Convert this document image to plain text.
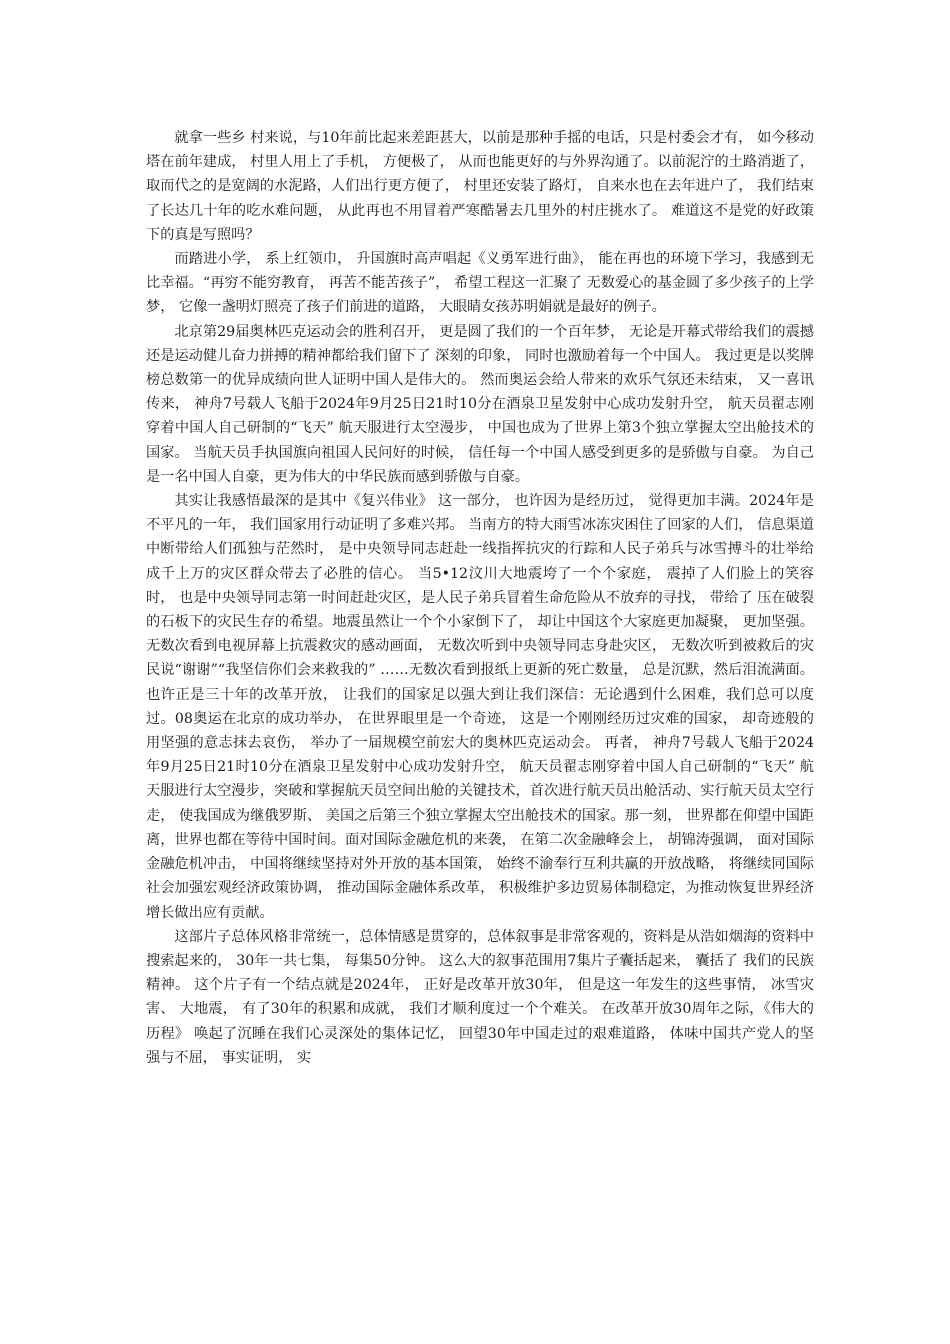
就拿一些乡 村来说，与10年前比起来差距甚大，以前是那种手摇的电话，只是村委会才有， 如今移动塔在前年建成， 村里人用上了手机， 方便极了， 从而也能更好的与外界沟通了。以前泥泞的土路消逝了， 取而代之的是宽阔的水泥路，人们出行更方便了， 村里还安装了路灯， 自来水也在去年进户了， 我们结束了长达几十年的吃水难问题， 从此再也不用冒着严寒酷暑去几里外的村庄挑水了。 难道这不是党的好政策下的真是写照吗？

而踏进小学， 系上红领巾， 升国旗时高声唱起《义勇军进行曲》， 能在再也的环境下学习，我感到无比幸福。“再穷不能穷教育， 再苦不能苦孩子”， 希望工程这一汇聚了 无数爱心的基金圆了多少孩子的上学梦， 它像一盏明灯照亮了孩子们前进的道路， 大眼睛女孩苏明娟就是最好的例子。

北京第29届奥林匹克运动会的胜利召开， 更是圆了我们的一个百年梦， 无论是开幕式带给我们的震撼还是运动健儿奋力拼搏的精神都给我们留下了 深刻的印象， 同时也激励着每一个中国人。 我过更是以奖牌榜总数第一的优异成绩向世人证明中国人是伟大的。 然而奥运会给人带来的欢乐气氛还未结束， 又一喜讯传来， 神舟7号载人飞船于2024年9月25日21时10分在酒泉卫星发射中心成功发射升空， 航天员翟志刚穿着中国人自己研制的“飞天” 航天服进行太空漫步， 中国也成为了世界上第3个独立掌握太空出舱技术的国家。 当航天员手执国旗向祖国人民问好的时候， 信任每一个中国人感受到更多的是骄傲与自豪。 为自己是一名中国人自豪，更为伟大的中华民族而感到骄傲与自豪。

其实让我感悟最深的是其中《复兴伟业》 这一部分， 也许因为是经历过， 觉得更加丰满。2024年是不平凡的一年， 我们国家用行动证明了多难兴邦。 当南方的特大雨雪冰冻灾困住了回家的人们， 信息渠道中断带给人们孤独与茫然时， 是中央领导同志赶赴一线指挥抗灾的行踪和人民子弟兵与冰雪搏斗的壮举给成千上万的灾区群众带去了必胜的信心。 当5•12汶川大地震垮了一个个家庭， 震掉了人们脸上的笑容时， 也是中央领导同志第一时间赶赴灾区，是人民子弟兵冒着生命危险从不放弃的寻找， 带给了 压在破裂的石板下的灾民生存的希望。地震虽然让一个个小家倒下了， 却让中国这个大家庭更加凝聚， 更加坚强。 无数次看到电视屏幕上抗震救灾的感动画面， 无数次听到中央领导同志身赴灾区， 无数次听到被救后的灾民说“谢谢”“我坚信你们会来救我的” ……无数次看到报纸上更新的死亡数量， 总是沉默，然后泪流满面。 也许正是三十年的改革开放， 让我们的国家足以强大到让我们深信：无论遇到什么困难，我们总可以度过。08奥运在北京的成功举办， 在世界眼里是一个奇迹， 这是一个刚刚经历过灾难的国家， 却奇迹般的用坚强的意志抹去哀伤， 举办了一届规模空前宏大的奥林匹克运动会。 再者， 神舟7号载人飞船于2024年9月25日21时10分在酒泉卫星发射中心成功发射升空， 航天员翟志刚穿着中国人自己研制的“飞天” 航天服进行太空漫步，突破和掌握航天员空间出舱的关键技术，首次进行航天员出舱活动、实行航天员太空行走， 使我国成为继俄罗斯、 美国之后第三个独立掌握太空出舱技术的国家。那一刻， 世界都在仰望中国距离，世界也都在等待中国时间。面对国际金融危机的来袭， 在第二次金融峰会上， 胡锦涛强调， 面对国际金融危机冲击， 中国将继续坚持对外开放的基本国策， 始终不渝奉行互利共赢的开放战略， 将继续同国际社会加强宏观经济政策协调， 推动国际金融体系改革， 积极维护多边贸易体制稳定，为推动恢复世界经济增长做出应有贡献。

这部片子总体风格非常统一，总体情感是贯穿的，总体叙事是非常客观的，资料是从浩如烟海的资料中搜索起来的， 30年一共七集， 每集50分钟。 这么大的叙事范围用7集片子囊括起来， 囊括了 我们的民族精神。 这个片子有一个结点就是2024年， 正好是改革开放30年， 但是这一年发生的这些事情， 冰雪灾害、 大地震， 有了30年的积累和成就， 我们才顺利度过一个个难关。 在改革开放30周年之际，《伟大的历程》 唤起了沉睡在我们心灵深处的集体记忆， 回望30年中国走过的艰难道路， 体味中国共产党人的坚强与不屈， 事实证明， 实
